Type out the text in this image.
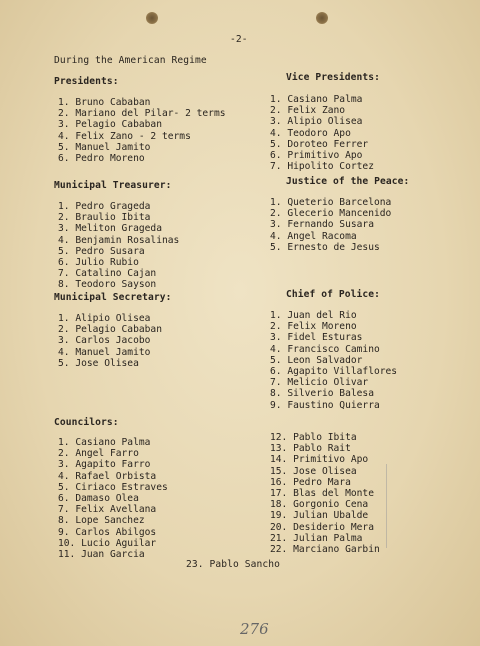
-2-
During the American Regime
Presidents:
1. Bruno Cababan
2. Mariano del Pilar- 2 terms
3. Pelagio Cababan
4. Felix Zano - 2 terms
5. Manuel Jamito
6. Pedro Moreno
Vice Presidents:
1. Casiano Palma
2. Felix Zano
3. Alipio Olisea
4. Teodoro Apo
5. Doroteo Ferrer
6. Primitivo Apo
7. Hipolito Cortez
Municipal Treasurer:
1. Pedro Grageda
2. Braulio Ibita
3. Meliton Grageda
4. Benjamin Rosalinas
5. Pedro Susara
6. Julio Rubio
7. Catalino Cajan
8. Teodoro Sayson
Justice of the Peace:
1. Queterio Barcelona
2. Glecerio Mancenido
3. Fernando Susara
4. Angel Racoma
5. Ernesto de Jesus
Municipal Secretary:
1. Alipio Olisea
2. Pelagio Cababan
3. Carlos Jacobo
4. Manuel Jamito
5. Jose Olisea
Chief of Police:
1. Juan del Rio
2. Felix Moreno
3. Fidel Esturas
4. Francisco Camino
5. Leon Salvador
6. Agapito Villaflores
7. Melicio Olivar
8. Silverio Balesa
9. Faustino Quierra
Councilors:
1. Casiano Palma
2. Angel Farro
3. Agapito Farro
4. Rafael Orbista
5. Ciriaco Estraves
6. Damaso Olea
7. Felix Avellana
8. Lope Sanchez
9. Carlos Abilgos
10. Lucio Aguilar
11. Juan Garcia
12. Pablo Ibita
13. Pablo Rait
14. Primitivo Apo
15. Jose Olisea
16. Pedro Mara
17. Blas del Monte
18. Gorgonio Cena
19. Julian Ubalde
20. Desiderio Mera
21. Julian Palma
22. Marciano Garbin
23. Pablo Sancho
276
